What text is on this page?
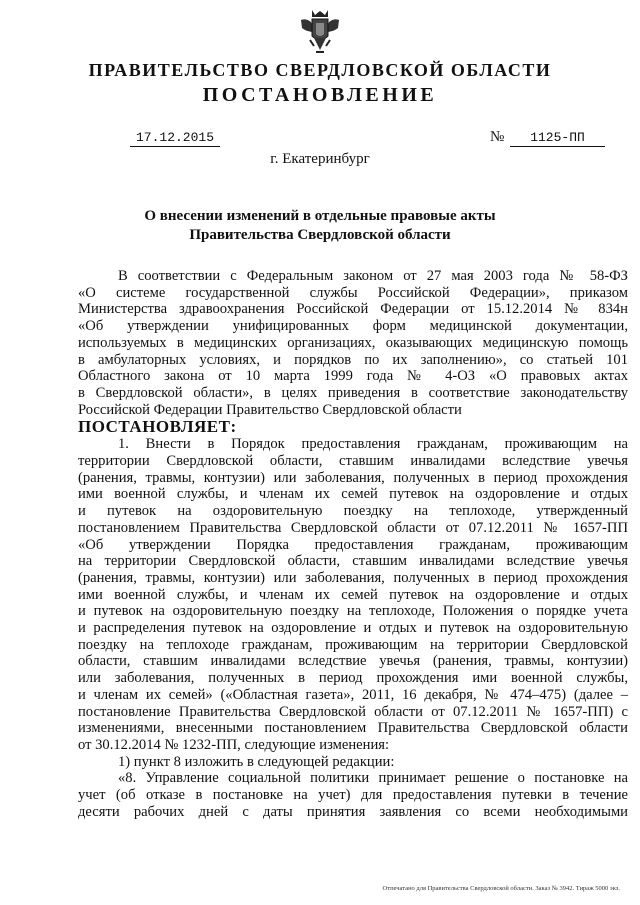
ПРАВИТЕЛЬСТВО СВЕРДЛОВСКОЙ ОБЛАСТИ
ПОСТАНОВЛЕНИЕ
17.12.2015	№	1125-ПП
г. Екатеринбург
О внесении изменений в отдельные правовые акты
Правительства Свердловской области
В соответствии с Федеральным законом от 27 мая 2003 года № 58-ФЗ
«О системе государственной службы Российской Федерации», приказом
Министерства здравоохранения Российской Федерации от 15.12.2014 № 834н
«Об утверждении унифицированных форм медицинской документации,
используемых в медицинских организациях, оказывающих медицинскую помощь
в амбулаторных условиях, и порядков по их заполнению», со статьей 101
Областного закона от 10 марта 1999 года № 4-ОЗ «О правовых актах
в Свердловской области», в целях приведения в соответствие законодательству
Российской Федерации Правительство Свердловской области
ПОСТАНОВЛЯЕТ:
1. Внести в Порядок предоставления гражданам, проживающим на
территории Свердловской области, ставшим инвалидами вследствие увечья
(ранения, травмы, контузии) или заболевания, полученных в период прохождения
ими военной службы, и членам их семей путевок на оздоровление и отдых
и путевок на оздоровительную поездку на теплоходе, утвержденный
постановлением Правительства Свердловской области от 07.12.2011 № 1657-ПП
«Об утверждении Порядка предоставления гражданам, проживающим
на территории Свердловской области, ставшим инвалидами вследствие увечья
(ранения, травмы, контузии) или заболевания, полученных в период прохождения
ими военной службы, и членам их семей путевок на оздоровление и отдых
и путевок на оздоровительную поездку на теплоходе, Положения о порядке учета
и распределения путевок на оздоровление и отдых и путевок на оздоровительную
поездку на теплоходе гражданам, проживающим на территории Свердловской
области, ставшим инвалидами вследствие увечья (ранения, травмы, контузии)
или заболевания, полученных в период прохождения ими военной службы,
и членам их семей» («Областная газета», 2011, 16 декабря, № 474–475) (далее –
постановление Правительства Свердловской области от 07.12.2011 № 1657-ПП) с
изменениями, внесенными постановлением Правительства Свердловской области
от 30.12.2014 № 1232-ПП, следующие изменения:
1) пункт 8 изложить в следующей редакции:
«8. Управление социальной политики принимает решение о постановке на
учет (об отказе в постановке на учет) для предоставления путевки в течение
десяти рабочих дней с даты принятия заявления со всеми необходимыми
Отпечатано для Правительства Свердловской области. Заказ № 3942. Тираж 5000 экз.
